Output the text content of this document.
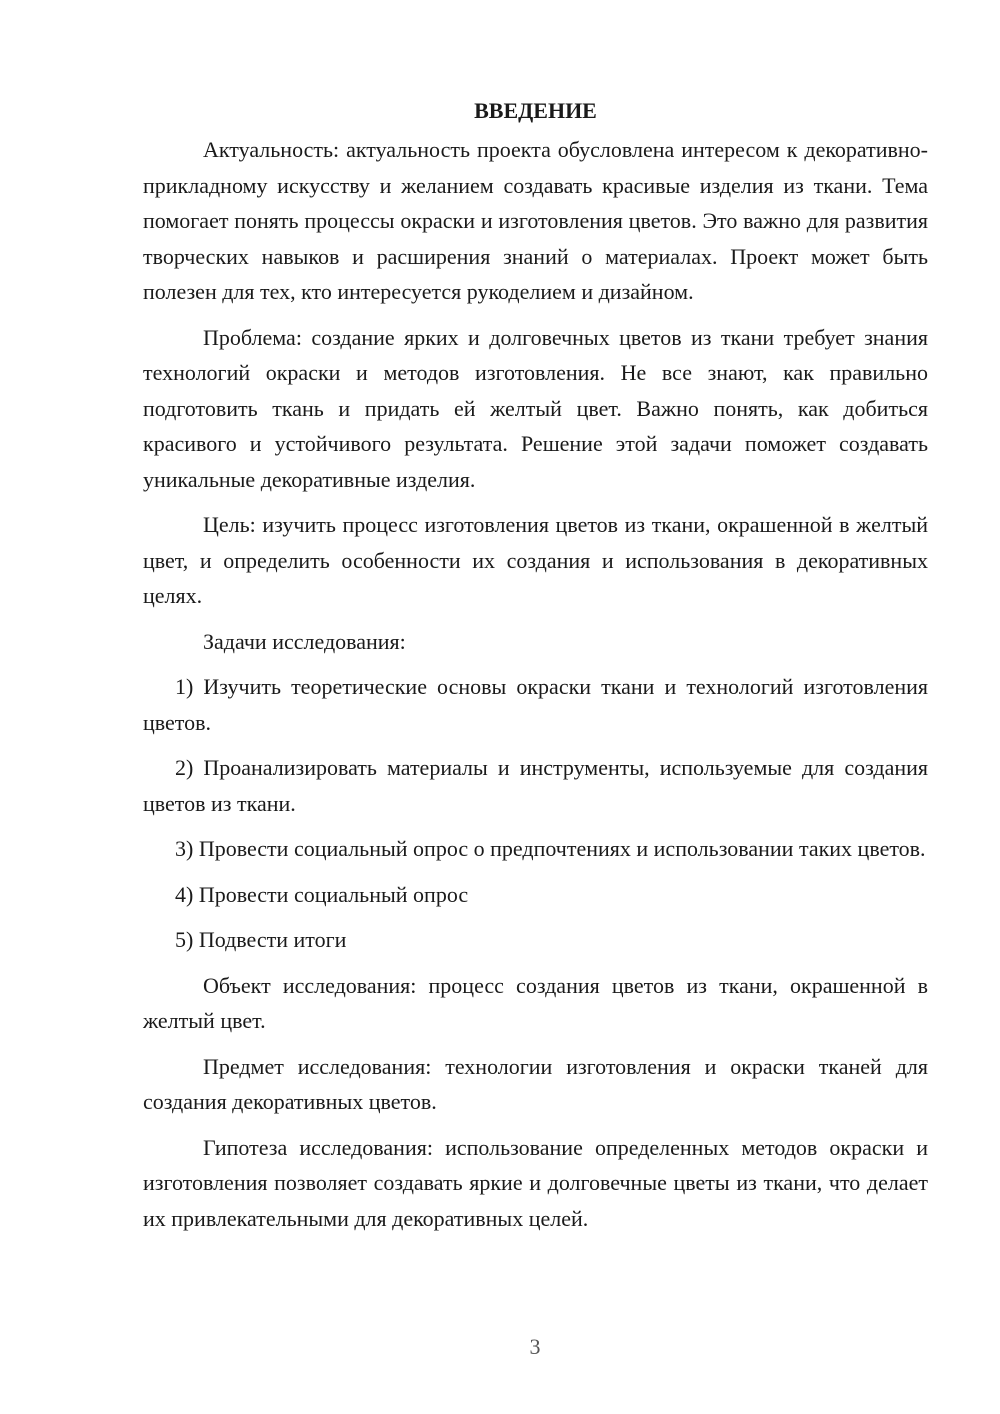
ВВЕДЕНИЕ

Актуальность: актуальность проекта обусловлена интересом к декоративно-прикладному искусству и желанием создавать красивые изделия из ткани. Тема помогает понять процессы окраски и изготовления цветов. Это важно для развития творческих навыков и расширения знаний о материалах. Проект может быть полезен для тех, кто интересуется рукоделием и дизайном.

Проблема: создание ярких и долговечных цветов из ткани требует знания технологий окраски и методов изготовления. Не все знают, как правильно подготовить ткань и придать ей желтый цвет. Важно понять, как добиться красивого и устойчивого результата. Решение этой задачи поможет создавать уникальные декоративные изделия.

Цель: изучить процесс изготовления цветов из ткани, окрашенной в желтый цвет, и определить особенности их создания и использования в декоративных целях.

Задачи исследования:

1) Изучить теоретические основы окраски ткани и технологий изготовления цветов.

2) Проанализировать материалы и инструменты, используемые для создания цветов из ткани.

3) Провести социальный опрос о предпочтениях и использовании таких цветов.

4) Провести социальный опрос

5) Подвести итоги

Объект исследования: процесс создания цветов из ткани, окрашенной в желтый цвет.

Предмет исследования: технологии изготовления и окраски тканей для создания декоративных цветов.

Гипотеза исследования: использование определенных методов окраски и изготовления позволяет создавать яркие и долговечные цветы из ткани, что делает их привлекательными для декоративных целей.

3
